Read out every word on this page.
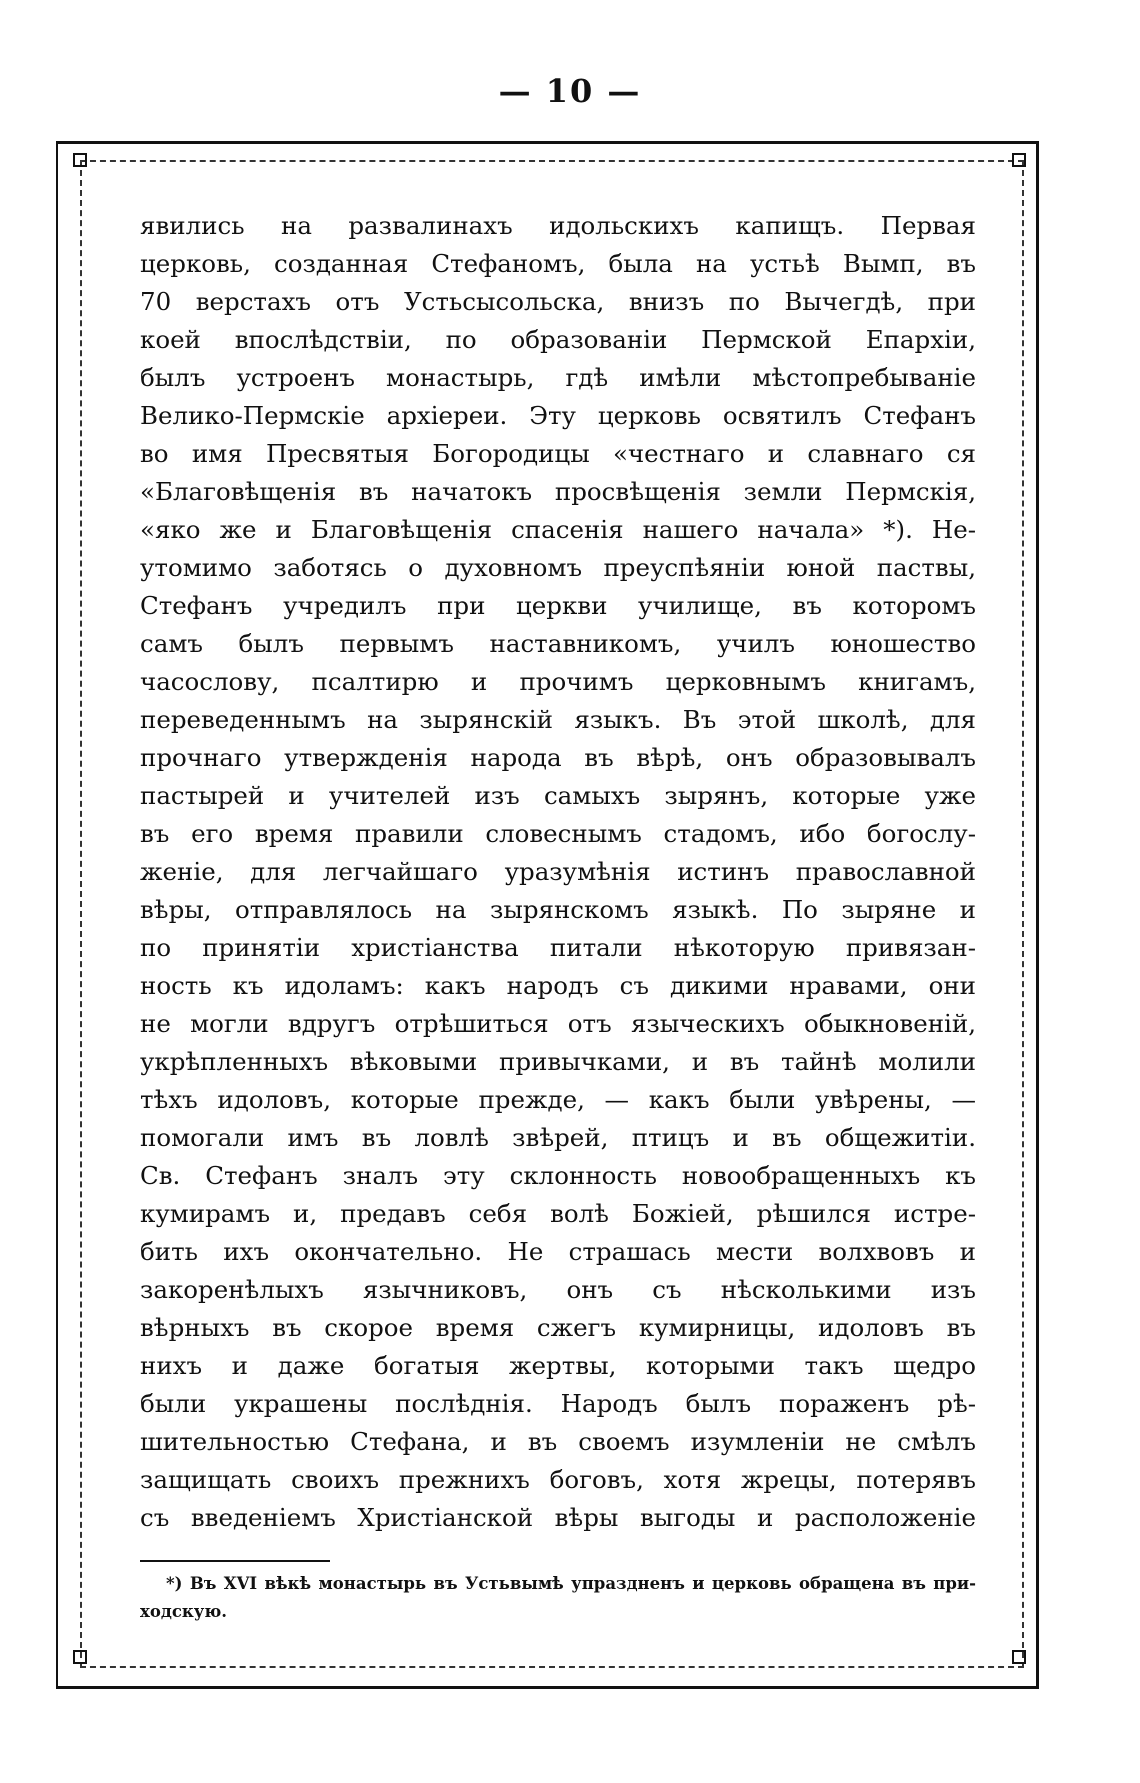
— 10 —
явились на развалинахъ идольскихъ капищъ. Первая
церковь, созданная Стефаномъ, была на устьѣ Вымп, въ
70 верстахъ отъ Устьсысольска, внизъ по Вычегдѣ, при
коей впослѣдствіи, по образованіи Пермской Епархіи,
былъ устроенъ монастырь, гдѣ имѣли мѣстопребываніе
Велико-Пермскіе архіереи. Эту церковь освятилъ Стефанъ
во имя Пресвятыя Богородицы «честнаго и славнаго ся
«Благовѣщенія въ начатокъ просвѣщенія земли Пермскія,
«яко же и Благовѣщенія спасенія нашего начала» *). Не-
утомимо заботясь о духовномъ преуспѣяніи юной паствы,
Стефанъ учредилъ при церкви училище, въ которомъ
самъ былъ первымъ наставникомъ, училъ юношество
часослову, псалтирю и прочимъ церковнымъ книгамъ,
переведеннымъ на зырянскій языкъ. Въ этой школѣ, для
прочнаго утвержденія народа въ вѣрѣ, онъ образовывалъ
пастырей и учителей изъ самыхъ зырянъ, которые уже
въ его время правили словеснымъ стадомъ, ибо богослу-
женіе, для легчайшаго уразумѣнія истинъ православной
вѣры, отправлялось на зырянскомъ языкѣ. По зыряне и
по принятіи христіанства питали нѣкоторую привязан-
ность къ идоламъ: какъ народъ съ дикими нравами, они
не могли вдругъ отрѣшиться отъ языческихъ обыкновеній,
укрѣпленныхъ вѣковыми привычками, и въ тайнѣ молили
тѣхъ идоловъ, которые прежде, — какъ были увѣрены, —
помогали имъ въ ловлѣ звѣрей, птицъ и въ общежитіи.
Св. Стефанъ зналъ эту склонность новообращенныхъ къ
кумирамъ и, предавъ себя волѣ Божіей, рѣшился истре-
бить ихъ окончательно. Не страшась мести волхвовъ и
закоренѣлыхъ язычниковъ, онъ съ нѣсколькими изъ
вѣрныхъ въ скорое время сжегъ кумирницы, идоловъ въ
нихъ и даже богатыя жертвы, которыми такъ щедро
были украшены послѣднія. Народъ былъ пораженъ рѣ-
шительностью Стефана, и въ своемъ изумленіи не смѣлъ
защищать своихъ прежнихъ боговъ, хотя жрецы, потерявъ
съ введеніемъ Христіанской вѣры выгоды и расположеніе
*) Въ XVI вѣкѣ монастырь въ Устьвымѣ упраздненъ и церковь обращена въ при-
ходскую.
